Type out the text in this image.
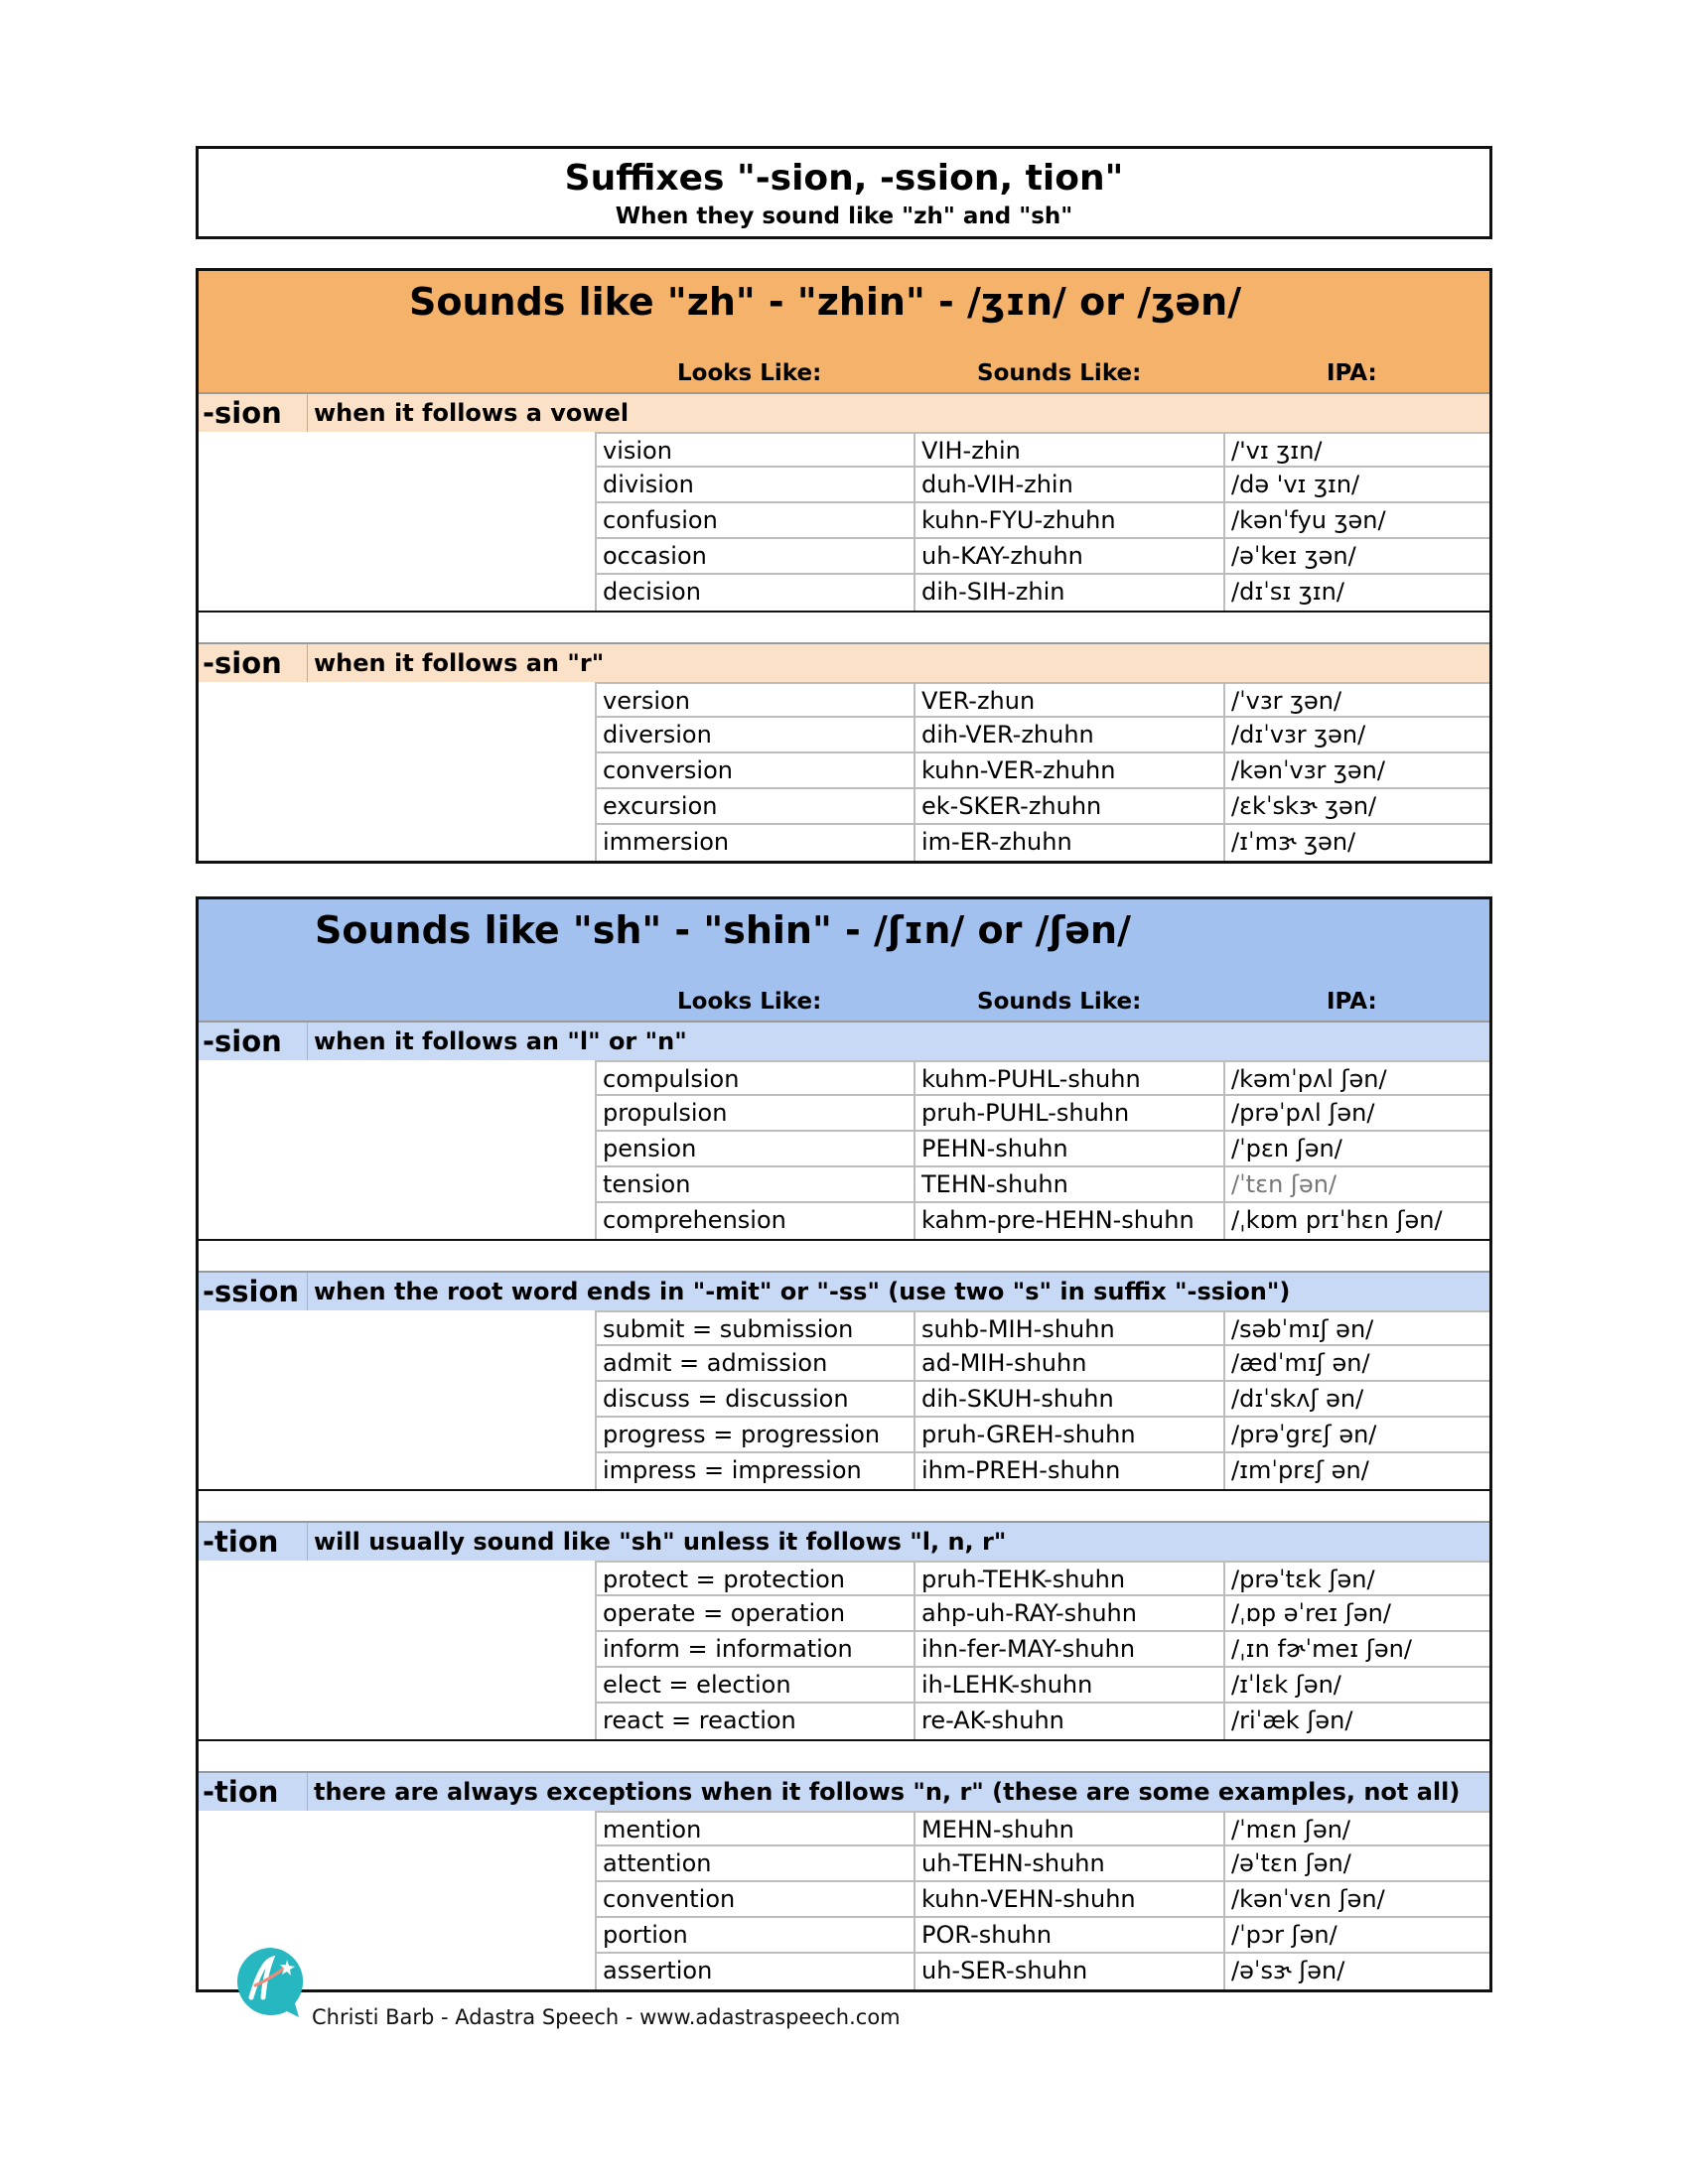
Suffixes "-sion, -ssion, tion"
When they sound like "zh" and "sh"
Sounds like "zh" - "zhin" - /ʒɪn/ or /ʒən/
Looks Like:	Sounds Like:	IPA:
-sion	when it follows a vowel
vision	VIH-zhin	/'vɪ ʒɪn/
division	duh-VIH-zhin	/də 'vɪ ʒɪn/
confusion	kuhn-FYU-zhuhn	/kənˈfyu ʒən/
occasion	uh-KAY-zhuhn	/əˈkeɪ ʒən/
decision	dih-SIH-zhin	/dɪˈsɪ ʒɪn/
-sion	when it follows an "r"
version	VER-zhun	/ˈvɜr ʒən/
diversion	dih-VER-zhuhn	/dɪˈvɜr ʒən/
conversion	kuhn-VER-zhuhn	/kənˈvɜr ʒən/
excursion	ek-SKER-zhuhn	/ɛkˈskɝ ʒən/
immersion	im-ER-zhuhn	/ɪˈmɝ ʒən/
Sounds like "sh" - "shin" - /ʃɪn/ or /ʃən/
Looks Like:	Sounds Like:	IPA:
-sion	when it follows an "l" or "n"
compulsion	kuhm-PUHL-shuhn	/kəmˈpʌl ʃən/
propulsion	pruh-PUHL-shuhn	/prəˈpʌl ʃən/
pension	PEHN-shuhn	/ˈpɛn ʃən/
tension	TEHN-shuhn	/ˈtɛn ʃən/
comprehension	kahm-pre-HEHN-shuhn	/ˌkɒm prɪˈhɛn ʃən/
-ssion when the root word ends in "-mit" or "-ss" (use two "s" in suffix "-ssion")
submit = submission	suhb-MIH-shuhn	/səbˈmɪʃ ən/
admit = admission	ad-MIH-shuhn	/ædˈmɪʃ ən/
discuss = discussion	dih-SKUH-shuhn	/dɪˈskʌʃ ən/
progress = progression	pruh-GREH-shuhn	/prəˈgrɛʃ ən/
impress = impression	ihm-PREH-shuhn	/ɪmˈprɛʃ ən/
-tion	will usually sound like "sh" unless it follows "l, n, r"
protect = protection	pruh-TEHK-shuhn	/prəˈtɛk ʃən/
operate = operation	ahp-uh-RAY-shuhn	/ˌɒp əˈreɪ ʃən/
inform = information	ihn-fer-MAY-shuhn	/ˌɪn fɚˈmeɪ ʃən/
elect = election	ih-LEHK-shuhn	/ɪˈlɛk ʃən/
react = reaction	re-AK-shuhn	/riˈæk ʃən/
-tion	there are always exceptions when it follows "n, r" (these are some examples, not all)
mention	MEHN-shuhn	/ˈmɛn ʃən/
attention	uh-TEHN-shuhn	/əˈtɛn ʃən/
convention	kuhn-VEHN-shuhn	/kənˈvɛn ʃən/
portion	POR-shuhn	/ˈpɔr ʃən/
assertion	uh-SER-shuhn	/əˈsɝ ʃən/
Christi Barb - Adastra Speech - www.adastraspeech.com
